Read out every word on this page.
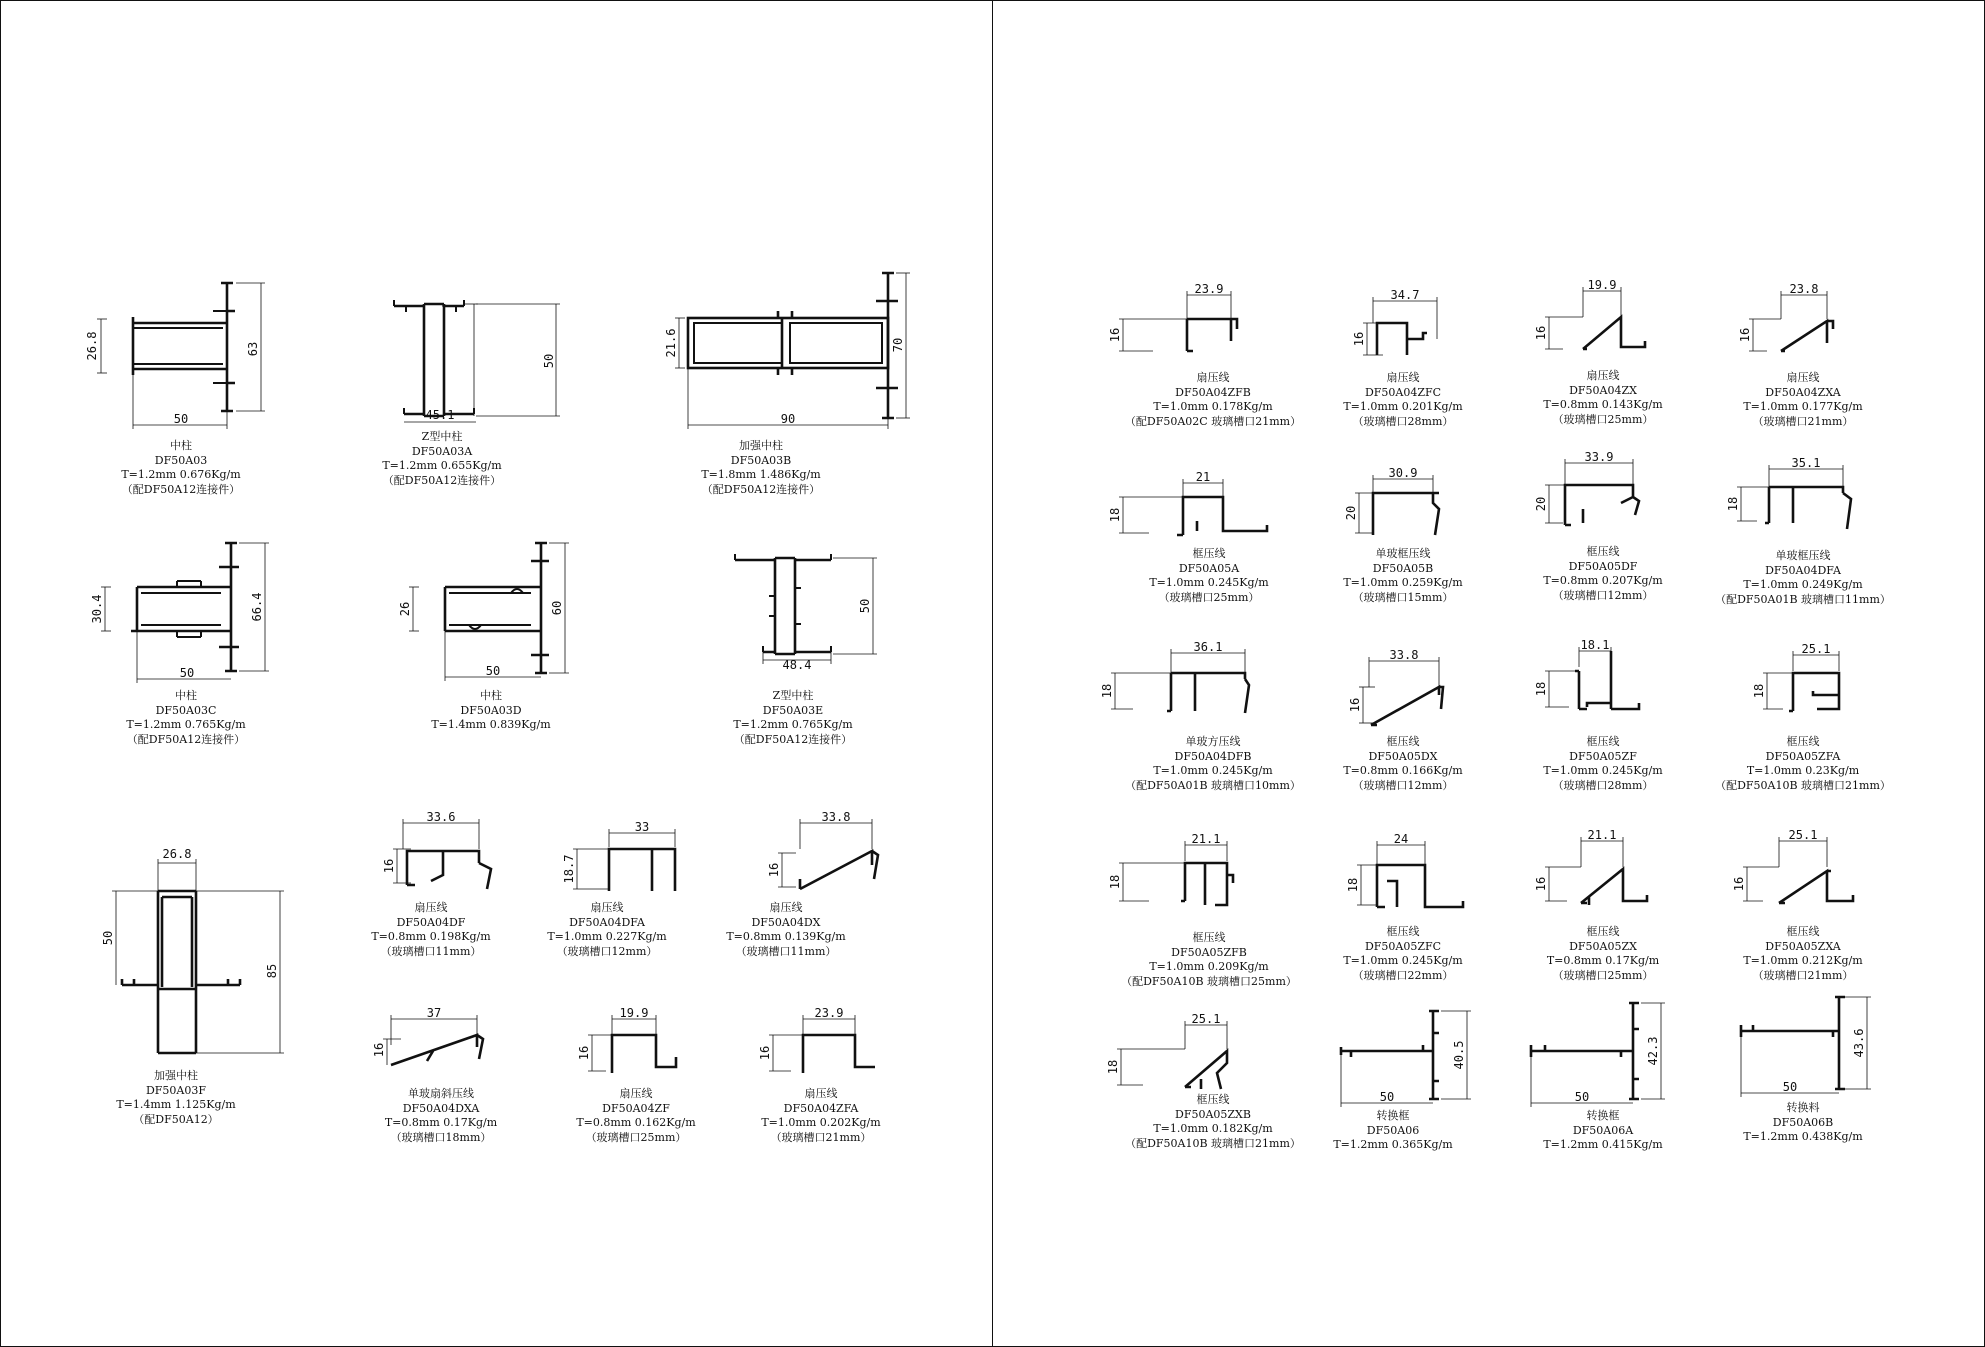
26.8	63
50
中柱
DF50A03
T=1.2mm 0.676Kg/m
（配DF50A12连接件）
50
45.1
Z型中柱
DF50A03A
T=1.2mm 0.655Kg/m
（配DF50A12连接件）
21.6	70
90
加强中柱
DF50A03B
T=1.8mm 1.486Kg/m
（配DF50A12连接件）
30.4	66.4
50
中柱
DF50A03C
T=1.2mm 0.765Kg/m
（配DF50A12连接件）
26	60
50
中柱
DF50A03D
T=1.4mm 0.839Kg/m
50
48.4
Z型中柱
DF50A03E
T=1.2mm 0.765Kg/m
（配DF50A12连接件）
26.8
50
85
加强中柱
DF50A03F
T=1.4mm 1.125Kg/m
（配DF50A12）
33.6
16
扇压线
DF50A04DF
T=0.8mm 0.198Kg/m
（玻璃槽口11mm）
33
18.7
扇压线
DF50A04DFA
T=1.0mm 0.227Kg/m
（玻璃槽口12mm）
33.8
16
扇压线
DF50A04DX
T=0.8mm 0.139Kg/m
（玻璃槽口11mm）
37
16
单玻扇斜压线
DF50A04DXA
T=0.8mm 0.17Kg/m
（玻璃槽口18mm）
19.9
16
扇压线
DF50A04ZF
T=0.8mm 0.162Kg/m
（玻璃槽口25mm）
23.9
16
扇压线
DF50A04ZFA
T=1.0mm 0.202Kg/m
（玻璃槽口21mm）
23.9
16
扇压线
DF50A04ZFB
T=1.0mm 0.178Kg/m
（配DF50A02C 玻璃槽口21mm）
34.7
16
扇压线
DF50A04ZFC
T=1.0mm 0.201Kg/m
（玻璃槽口28mm）
19.9
16
扇压线
DF50A04ZX
T=0.8mm 0.143Kg/m
（玻璃槽口25mm）
23.8
16
扇压线
DF50A04ZXA
T=1.0mm 0.177Kg/m
（玻璃槽口21mm）
21
18
框压线
DF50A05A
T=1.0mm 0.245Kg/m
（玻璃槽口25mm）
30.9
20
单玻框压线
DF50A05B
T=1.0mm 0.259Kg/m
（玻璃槽口15mm）
33.9
20
框压线
DF50A05DF
T=0.8mm 0.207Kg/m
（玻璃槽口12mm）
35.1
18
单玻框压线
DF50A04DFA
T=1.0mm 0.249Kg/m
（配DF50A01B 玻璃槽口11mm）
36.1
18
单玻方压线
DF50A04DFB
T=1.0mm 0.245Kg/m
（配DF50A01B 玻璃槽口10mm）
33.8
16
框压线
DF50A05DX
T=0.8mm 0.166Kg/m
（玻璃槽口12mm）
18.1
18
框压线
DF50A05ZF
T=1.0mm 0.245Kg/m
（玻璃槽口28mm）
25.1
18
框压线
DF50A05ZFA
T=1.0mm 0.23Kg/m
（配DF50A10B 玻璃槽口21mm）
21.1
18
框压线
DF50A05ZFB
T=1.0mm 0.209Kg/m
（配DF50A10B 玻璃槽口25mm）
24
18
框压线
DF50A05ZFC
T=1.0mm 0.245Kg/m
（玻璃槽口22mm）
21.1
16
框压线
DF50A05ZX
T=0.8mm 0.17Kg/m
（玻璃槽口25mm）
25.1
16
框压线
DF50A05ZXA
T=1.0mm 0.212Kg/m
（玻璃槽口21mm）
25.1
18
框压线
DF50A05ZXB
T=1.0mm 0.182Kg/m
（配DF50A10B 玻璃槽口21mm）
40.5
50
转换框
DF50A06
T=1.2mm 0.365Kg/m
42.3
50
转换框
DF50A06A
T=1.2mm 0.415Kg/m
43.6
50
转换料
DF50A06B
T=1.2mm 0.438Kg/m
